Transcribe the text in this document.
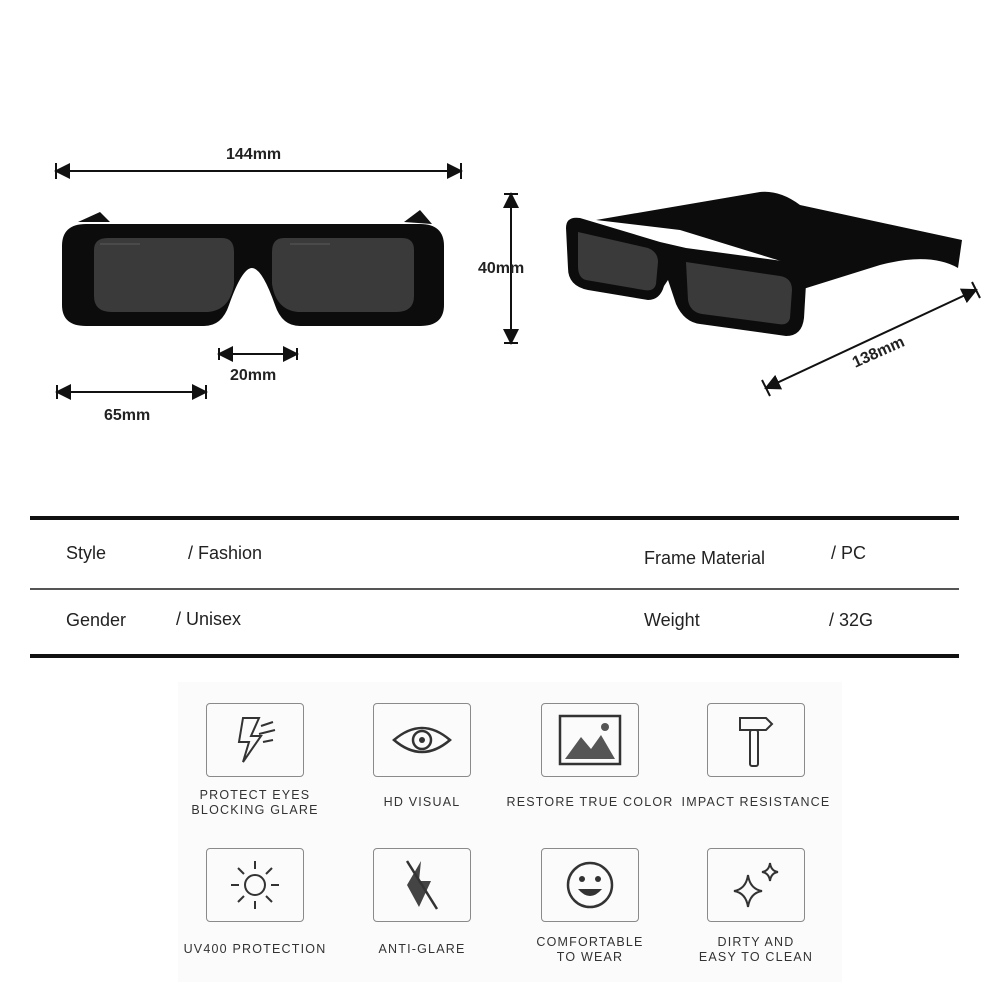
144mm
40mm
20mm
65mm
138mm
Style	/ Fashion	Frame Material	/ PC
Gender	/ Unisex	Weight	/ 32G
PROTECT EYES
BLOCKING GLARE
HD VISUAL	RESTORE TRUE COLOR IMPACT RESISTANCE
UV400 PROTECTION	ANTI-GLARE	COMFORTABLE
TO WEAR
DIRTY AND
EASY TO CLEAN
